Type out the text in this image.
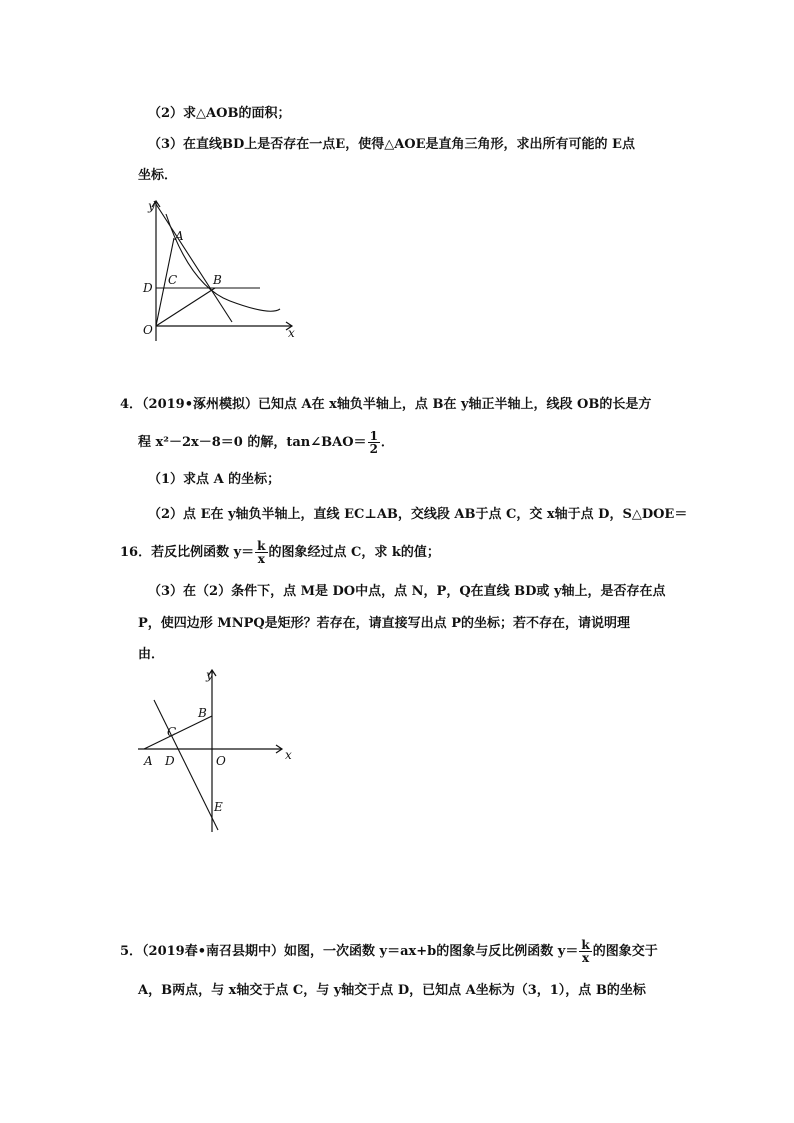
（2）求△AOB的面积；
（3）在直线BD上是否存在一点E，使得△AOE是直角三角形，求出所有可能的 E点
坐标．
y
x
A
B
C
D
O
4．（2019•涿州模拟）已知点 A在 x轴负半轴上，点 B在 y轴正半轴上，线段 OB的长是方
程 x²－2x－8＝0 的解，tan∠BAO＝ $\frac{1}{2}$ ．
（1）求点 A 的坐标；
（2）点 E在 y轴负半轴上，直线 EC⊥AB，交线段 AB于点 C，交 x轴于点 D，S△DOE＝
16．若反比例函数 $y= \frac{k}{x}$ 的图象经过点 C，求 k的值；
（3）在（2）条件下，点 M是 DO中点，点 N，P，Q在直线 BD或 y轴上，是否存在点
P，使四边形 MNPQ是矩形？若存在，请直接写出点 P的坐标；若不存在，请说明理
由．
y
x
A
B
C
D
E
O
5．（2019春•南召县期中）如图，一次函数 y＝ax+b的图象与反比例函数 $y= \frac{k}{x}$ 的图象交于
A，B两点，与 x轴交于点 C，与 y轴交于点 D，已知点 A坐标为（3，1），点 B的坐标
